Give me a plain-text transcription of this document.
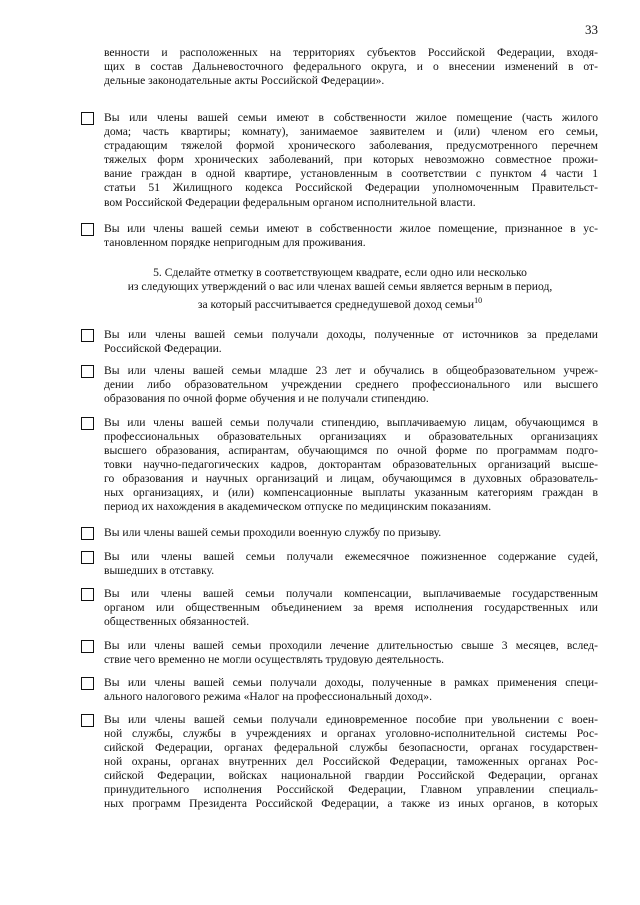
33
венности и расположенных на территориях субъектов Российской Федерации, входя-
щих в состав Дальневосточного федерального округа, и о внесении изменений в от-
дельные законодательные акты Российской Федерации».
Вы или члены вашей семьи имеют в собственности жилое помещение (часть жилого
дома; часть квартиры; комнату), занимаемое заявителем и (или) членом его семьи,
страдающим тяжелой формой хронического заболевания, предусмотренного перечнем
тяжелых форм хронических заболеваний, при которых невозможно совместное прожи-
вание граждан в одной квартире, установленным в соответствии с пунктом 4 части 1
статьи 51 Жилищного кодекса Российской Федерации уполномоченным Правительст-
вом Российской Федерации федеральным органом исполнительной власти.
Вы или члены вашей семьи имеют в собственности жилое помещение, признанное в ус-
тановленном порядке непригодным для проживания.
5. Сделайте отметку в соответствующем квадрате, если одно или несколько
из следующих утверждений о вас или членах вашей семьи является верным в период,
за который рассчитывается среднедушевой доход семьи$^{10}$
Вы или члены вашей семьи получали доходы, полученные от источников за пределами
Российской Федерации.
Вы или члены вашей семьи младше 23 лет и обучались в общеобразовательном учреж-
дении либо образовательном учреждении среднего профессионального или высшего
образования по очной форме обучения и не получали стипендию.
Вы или члены вашей семьи получали стипендию, выплачиваемую лицам, обучающимся в
профессиональных образовательных организациях и образовательных организациях
высшего образования, аспирантам, обучающимся по очной форме по программам подго-
товки научно-педагогических кадров, докторантам образовательных организаций высше-
го образования и научных организаций и лицам, обучающимся в духовных образователь-
ных организациях, и (или) компенсационные выплаты указанным категориям граждан в
период их нахождения в академическом отпуске по медицинским показаниям.
Вы или члены вашей семьи проходили военную службу по призыву.
Вы или члены вашей семьи получали ежемесячное пожизненное содержание судей,
вышедших в отставку.
Вы или члены вашей семьи получали компенсации, выплачиваемые государственным
органом или общественным объединением за время исполнения государственных или
общественных обязанностей.
Вы или члены вашей семьи проходили лечение длительностью свыше 3 месяцев, вслед-
ствие чего временно не могли осуществлять трудовую деятельность.
Вы или члены вашей семьи получали доходы, полученные в рамках применения специ-
ального налогового режима «Налог на профессиональный доход».
Вы или члены вашей семьи получали единовременное пособие при увольнении с воен-
ной службы, службы в учреждениях и органах уголовно-исполнительной системы Рос-
сийской Федерации, органах федеральной службы безопасности, органах государствен-
ной охраны, органах внутренних дел Российской Федерации, таможенных органах Рос-
сийской Федерации, войсках национальной гвардии Российской Федерации, органах
принудительного исполнения Российской Федерации, Главном управлении специаль-
ных программ Президента Российской Федерации, а также из иных органов, в которых
